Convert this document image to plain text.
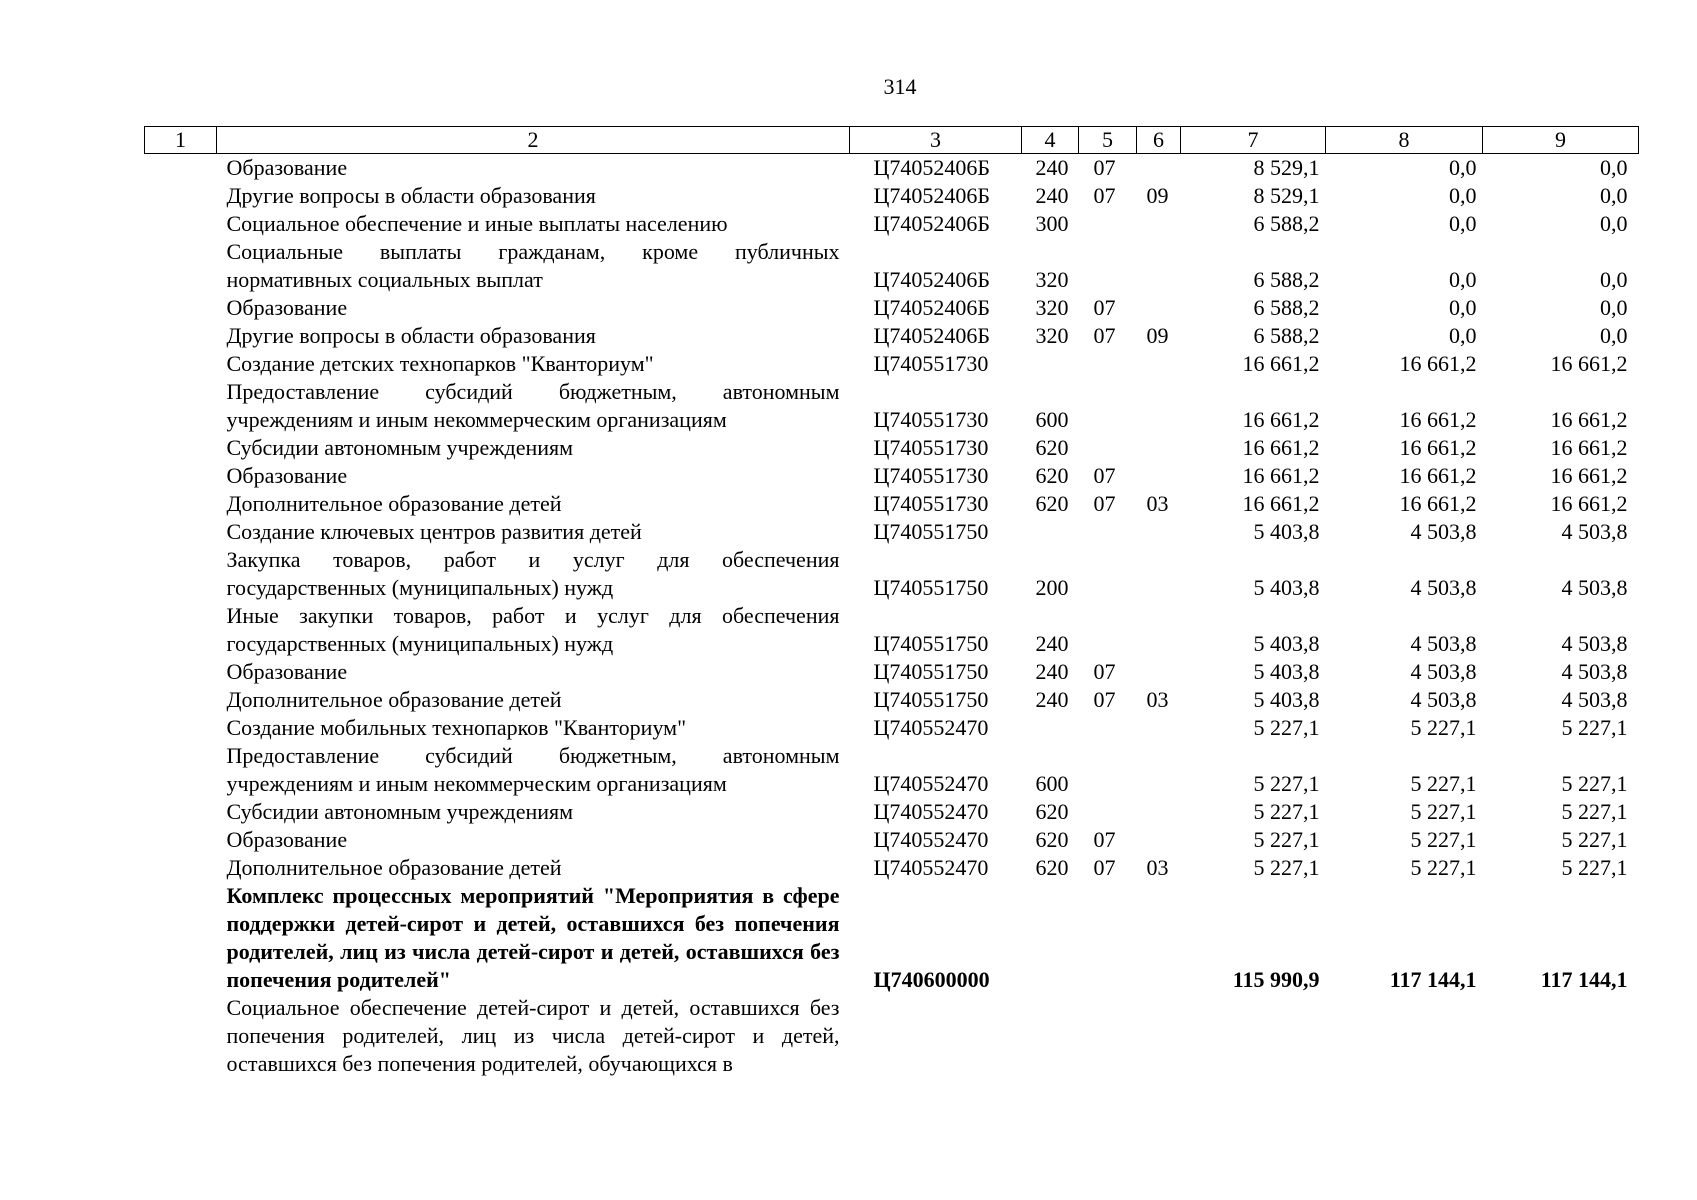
314
1	2	3	4	5	6	7	8	9
	Образование	Ц74052406Б	240	07		8 529,1	0,0	0,0
	Другие вопросы в области образования	Ц74052406Б	240	07	09	8 529,1	0,0	0,0
	Социальное обеспечение и иные выплаты населению	Ц74052406Б	300			6 588,2	0,0	0,0
	Социальные выплаты гражданам, кроме публичных нормативных социальных выплат	Ц74052406Б	320			6 588,2	0,0	0,0
	Образование	Ц74052406Б	320	07		6 588,2	0,0	0,0
	Другие вопросы в области образования	Ц74052406Б	320	07	09	6 588,2	0,0	0,0
	Создание детских технопарков "Кванториум"	Ц740551730				16 661,2	16 661,2	16 661,2
	Предоставление субсидий бюджетным, автономным учреждениям и иным некоммерческим организациям	Ц740551730	600			16 661,2	16 661,2	16 661,2
	Субсидии автономным учреждениям	Ц740551730	620			16 661,2	16 661,2	16 661,2
	Образование	Ц740551730	620	07		16 661,2	16 661,2	16 661,2
	Дополнительное образование детей	Ц740551730	620	07	03	16 661,2	16 661,2	16 661,2
	Создание ключевых центров развития детей	Ц740551750				5 403,8	4 503,8	4 503,8
	Закупка товаров, работ и услуг для обеспечения государственных (муниципальных) нужд	Ц740551750	200			5 403,8	4 503,8	4 503,8
	Иные закупки товаров, работ и услуг для обеспечения государственных (муниципальных) нужд	Ц740551750	240			5 403,8	4 503,8	4 503,8
	Образование	Ц740551750	240	07		5 403,8	4 503,8	4 503,8
	Дополнительное образование детей	Ц740551750	240	07	03	5 403,8	4 503,8	4 503,8
	Создание мобильных технопарков "Кванториум"	Ц740552470				5 227,1	5 227,1	5 227,1
	Предоставление субсидий бюджетным, автономным учреждениям и иным некоммерческим организациям	Ц740552470	600			5 227,1	5 227,1	5 227,1
	Субсидии автономным учреждениям	Ц740552470	620			5 227,1	5 227,1	5 227,1
	Образование	Ц740552470	620	07		5 227,1	5 227,1	5 227,1
	Дополнительное образование детей	Ц740552470	620	07	03	5 227,1	5 227,1	5 227,1
	Комплекс процессных мероприятий "Мероприятия в сфере поддержки детей-сирот и детей, оставшихся без попечения родителей, лиц из числа детей-сирот и детей, оставшихся без попечения родителей"	Ц740600000				115 990,9	117 144,1	117 144,1
	Социальное обеспечение детей-сирот и детей, оставшихся без попечения родителей, лиц из числа детей-сирот и детей, оставшихся без попечения родителей, обучающихся в							
